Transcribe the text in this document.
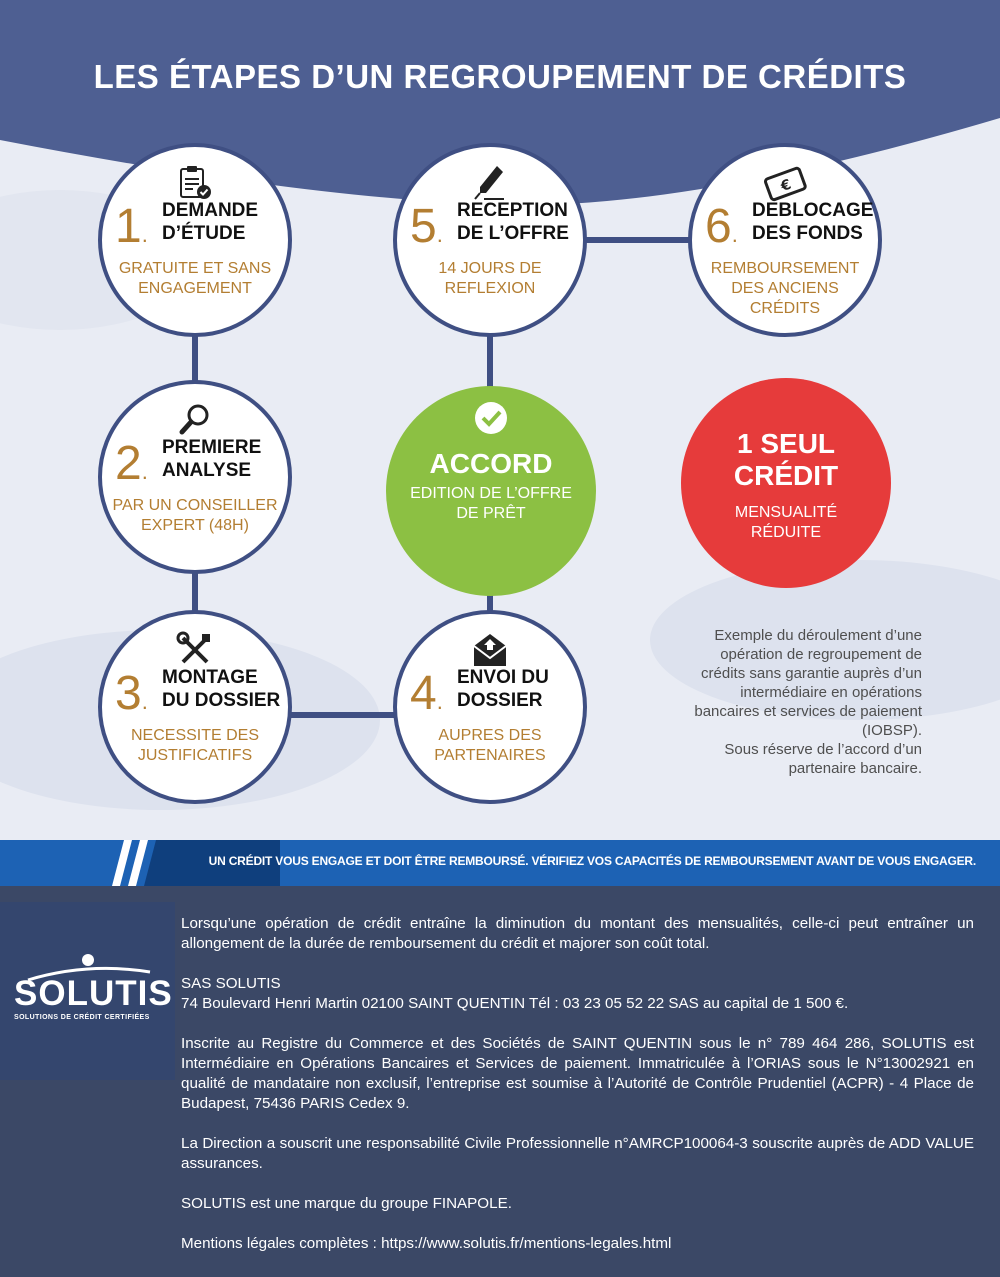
LES ÉTAPES D’UN REGROUPEMENT DE CRÉDITS
1.
DEMANDE D’ÉTUDE
GRATUITE ET SANS ENGAGEMENT
2.
PREMIERE ANALYSE
PAR UN CONSEILLER EXPERT (48H)
3.
MONTAGE DU DOSSIER
NECESSITE DES JUSTIFICATIFS
4.
ENVOI DU DOSSIER
AUPRES DES PARTENAIRES
5.
RECEPTION DE L’OFFRE
14 JOURS DE REFLEXION
€
6.
DEBLOCAGE DES FONDS
REMBOURSEMENT DES ANCIENS CRÉDITS
ACCORD
EDITION DE L’OFFRE DE PRÊT
1 SEUL CRÉDIT
MENSUALITÉ RÉDUITE

Exemple du déroulement d’une
opération de regroupement de
crédits sans garantie auprès d’un
intermédiaire en opérations
bancaires et services de paiement
(IOBSP).
Sous réserve de l’accord d’un
partenaire bancaire.

UN CRÉDIT VOUS ENGAGE ET DOIT ÊTRE REMBOURSÉ. VÉRIFIEZ VOS CAPACITÉS DE REMBOURSEMENT AVANT DE VOUS ENGAGER.
SOLUTIS
SOLUTIONS DE CRÉDIT CERTIFIÉES

Lorsqu’une opération de crédit entraîne la diminution du montant des mensualités, celle-ci peut entraîner un allongement de la durée de remboursement du crédit et majorer son coût total.

SAS SOLUTIS

74 Boulevard Henri Martin 02100 SAINT QUENTIN Tél : 03 23 05 52 22 SAS au capital de 1 500 €.

Inscrite au Registre du Commerce et des Sociétés de SAINT QUENTIN sous le n° 789 464 286, SOLUTIS est Intermédiaire en Opérations Bancaires et Services de paiement. Immatriculée à l’ORIAS sous le N°13002921 en qualité de mandataire non exclusif, l’entreprise est soumise à l’Autorité de Contrôle Prudentiel (ACPR) - 4 Place de Budapest, 75436 PARIS Cedex 9.

La Direction a souscrit une responsabilité Civile Professionnelle n°AMRCP100064-3 souscrite auprès de ADD VALUE assurances.

SOLUTIS est une marque du groupe FINAPOLE.

Mentions légales complètes : https://www.solutis.fr/mentions-legales.html
